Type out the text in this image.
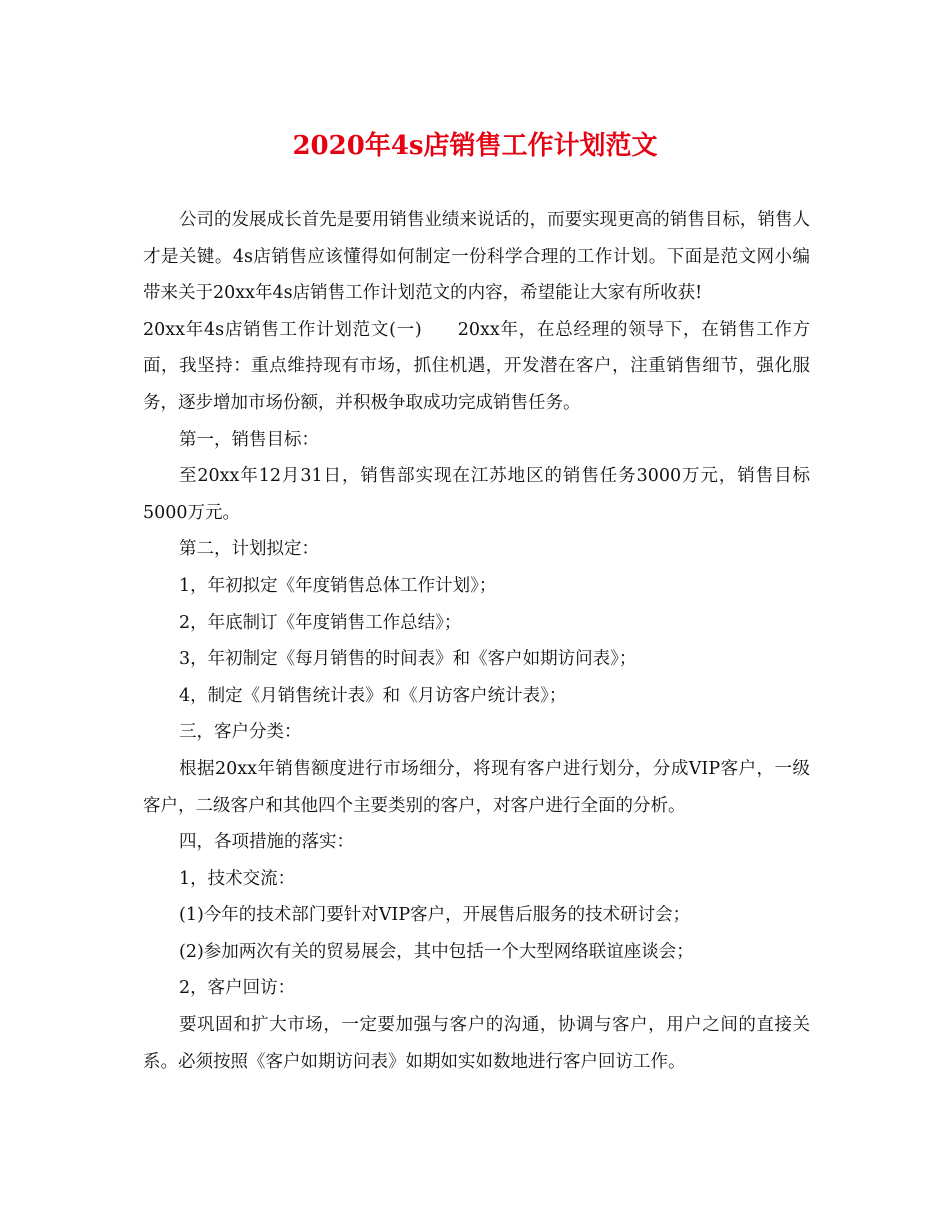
2020年4s店销售工作计划范文

公司的发展成长首先是要用销售业绩来说话的，而要实现更高的销售目标，销售人才是关键。4s店销售应该懂得如何制定一份科学合理的工作计划。下面是范文网小编带来关于20xx年4s店销售工作计划范文的内容，希望能让大家有所收获!

20xx年4s店销售工作计划范文(一) 20xx年，在总经理的领导下，在销售工作方面，我坚持：重点维持现有市场，抓住机遇，开发潜在客户，注重销售细节，强化服务，逐步增加市场份额，并积极争取成功完成销售任务。

第一，销售目标：

至20xx年12月31日，销售部实现在江苏地区的销售任务3000万元，销售目标5000万元。

第二，计划拟定：

1，年初拟定《年度销售总体工作计划》；

2，年底制订《年度销售工作总结》；

3，年初制定《每月销售的时间表》和《客户如期访问表》；

4，制定《月销售统计表》和《月访客户统计表》；

三，客户分类：

根据20xx年销售额度进行市场细分，将现有客户进行划分，分成VIP客户，一级客户，二级客户和其他四个主要类别的客户，对客户进行全面的分析。

四，各项措施的落实：

1，技术交流：

(1)今年的技术部门要针对VIP客户，开展售后服务的技术研讨会；

(2)参加两次有关的贸易展会，其中包括一个大型网络联谊座谈会；

2，客户回访：

要巩固和扩大市场，一定要加强与客户的沟通，协调与客户，用户之间的直接关系。必须按照《客户如期访问表》如期如实如数地进行客户回访工作。
